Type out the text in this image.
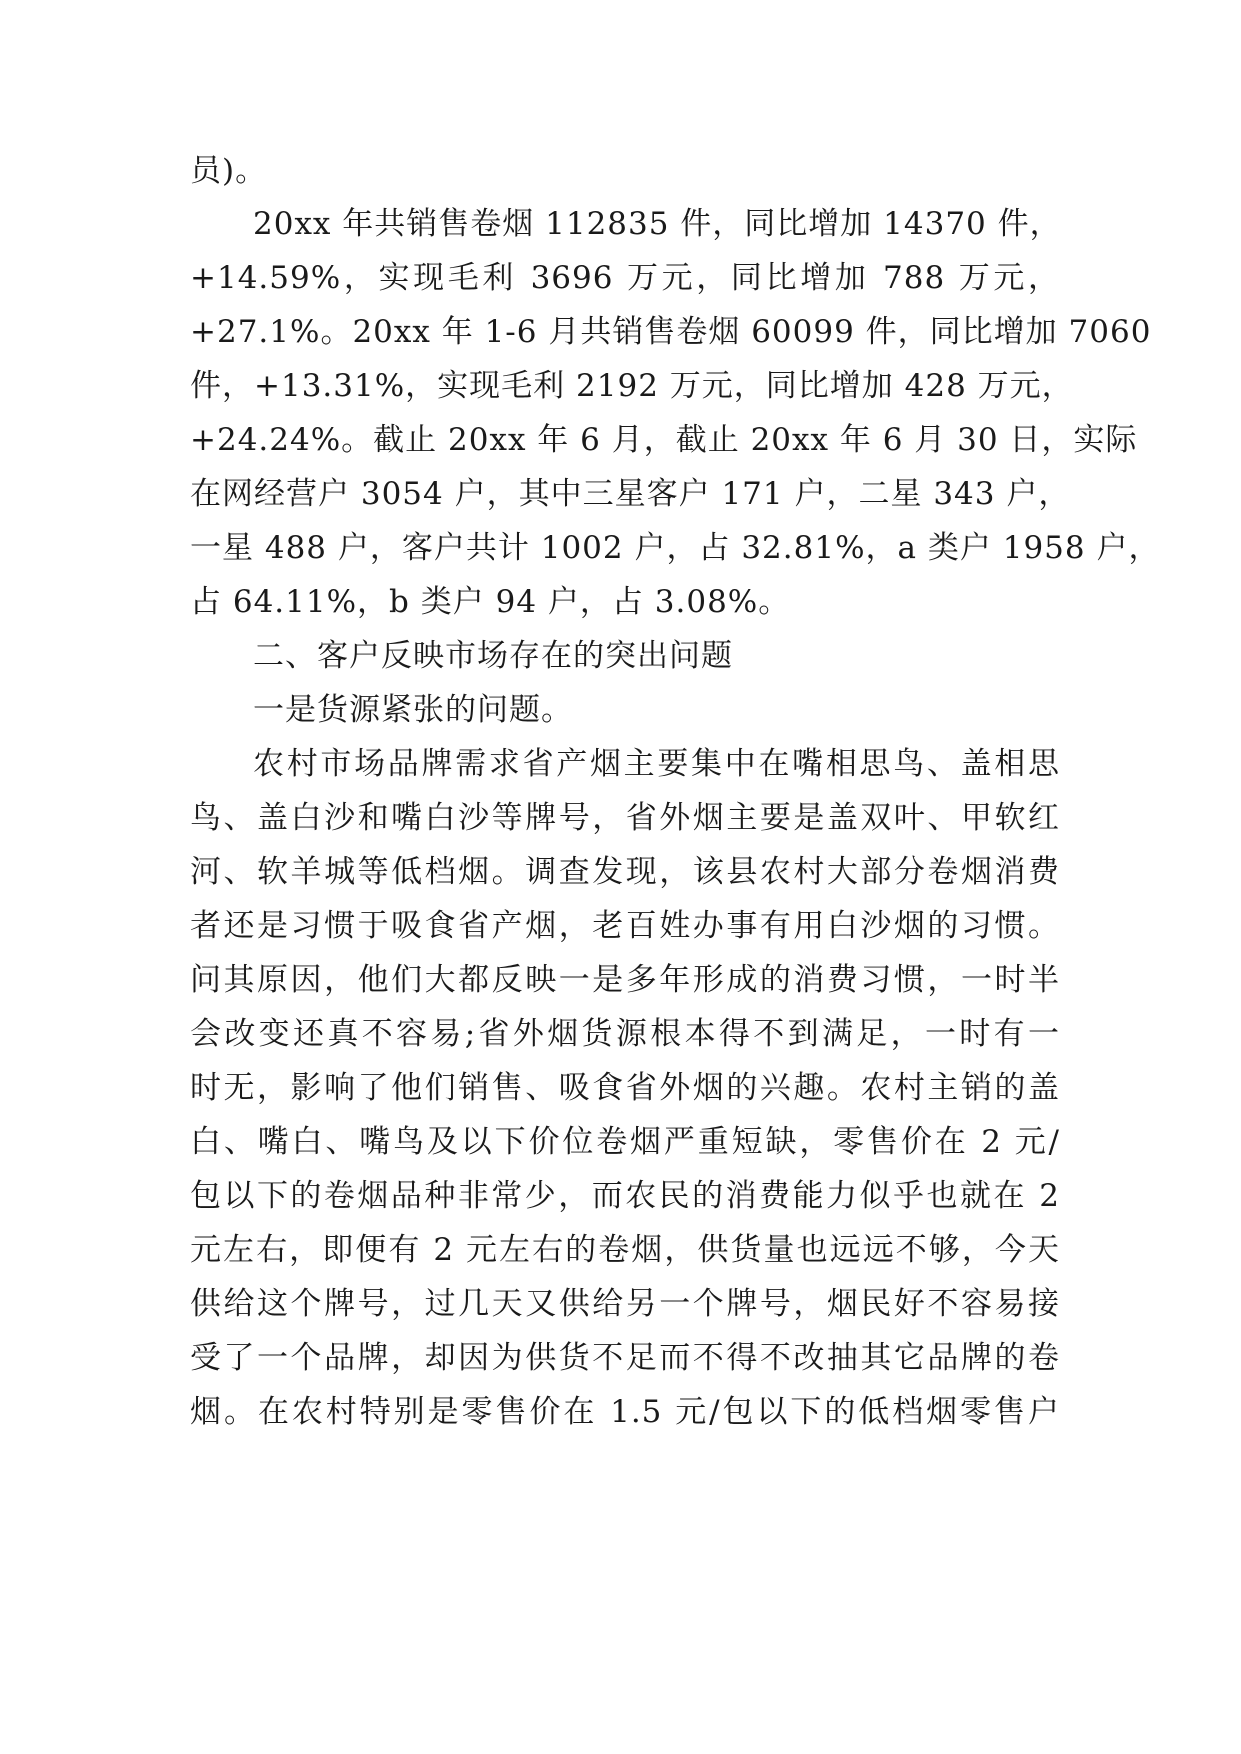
员)。
20xx 年共销售卷烟 112835 件，同比增加 14370 件，
+14.59%，实现毛利 3696 万元，同比增加 788 万元，
+27.1%。20xx 年 1-6 月共销售卷烟 60099 件，同比增加 7060
件，+13.31%，实现毛利 2192 万元，同比增加 428 万元，
+24.24%。截止 20xx 年 6 月，截止 20xx 年 6 月 30 日，实际
在网经营户 3054 户，其中三星客户 171 户，二星 343 户，
一星 488 户，客户共计 1002 户，占 32.81%，a 类户 1958 户，
占 64.11%，b 类户 94 户，占 3.08%。
二、客户反映市场存在的突出问题
一是货源紧张的问题。
农村市场品牌需求省产烟主要集中在嘴相思鸟、盖相思
鸟、盖白沙和嘴白沙等牌号，省外烟主要是盖双叶、甲软红
河、软羊城等低档烟。调查发现，该县农村大部分卷烟消费
者还是习惯于吸食省产烟，老百姓办事有用白沙烟的习惯。
问其原因，他们大都反映一是多年形成的消费习惯，一时半
会改变还真不容易;省外烟货源根本得不到满足，一时有一
时无，影响了他们销售、吸食省外烟的兴趣。农村主销的盖
白、嘴白、嘴鸟及以下价位卷烟严重短缺，零售价在 2 元/
包以下的卷烟品种非常少，而农民的消费能力似乎也就在 2
元左右，即便有 2 元左右的卷烟，供货量也远远不够，今天
供给这个牌号，过几天又供给另一个牌号，烟民好不容易接
受了一个品牌，却因为供货不足而不得不改抽其它品牌的卷
烟。在农村特别是零售价在 1.5 元/包以下的低档烟零售户
